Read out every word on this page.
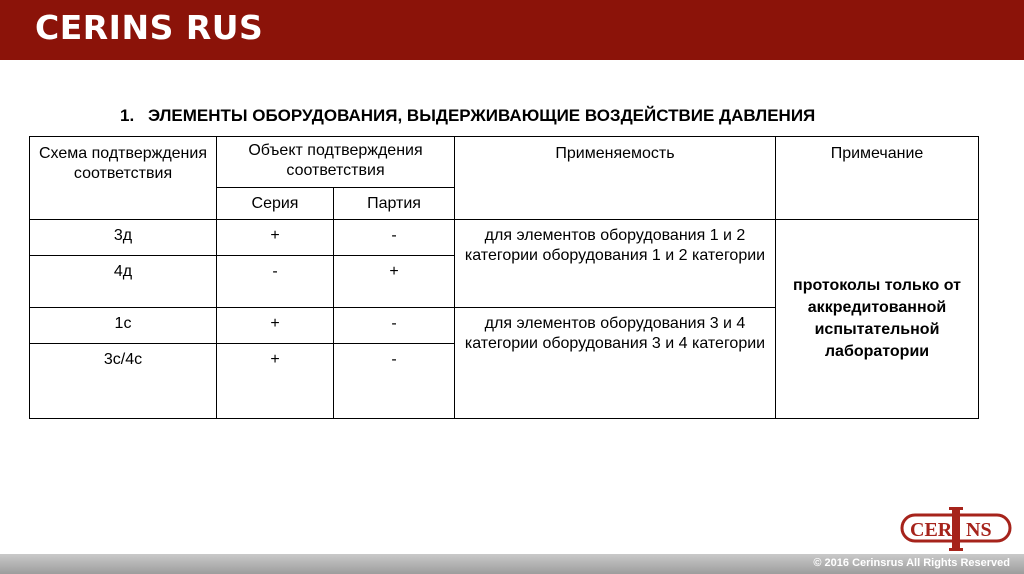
CERINS RUS
1. ЭЛЕМЕНТЫ ОБОРУДОВАНИЯ, ВЫДЕРЖИВАЮЩИЕ ВОЗДЕЙСТВИЕ ДАВЛЕНИЯ
Схема подтверждения соответствия	Объект подтверждения соответствия		Применяемость	Примечание
	Серия	Партия		
3д	+	-	для элементов оборудования 1 и 2 категории оборудования 1 и 2 категории	протоколы только от аккредитованной испытательной лаборатории
4д	-	+		
1с	+	-	для элементов оборудования 3 и 4 категории оборудования 3 и 4 категории	
3с/4с	+	-		
CER NS
© 2016 Cerinsrus All Rights Reserved
